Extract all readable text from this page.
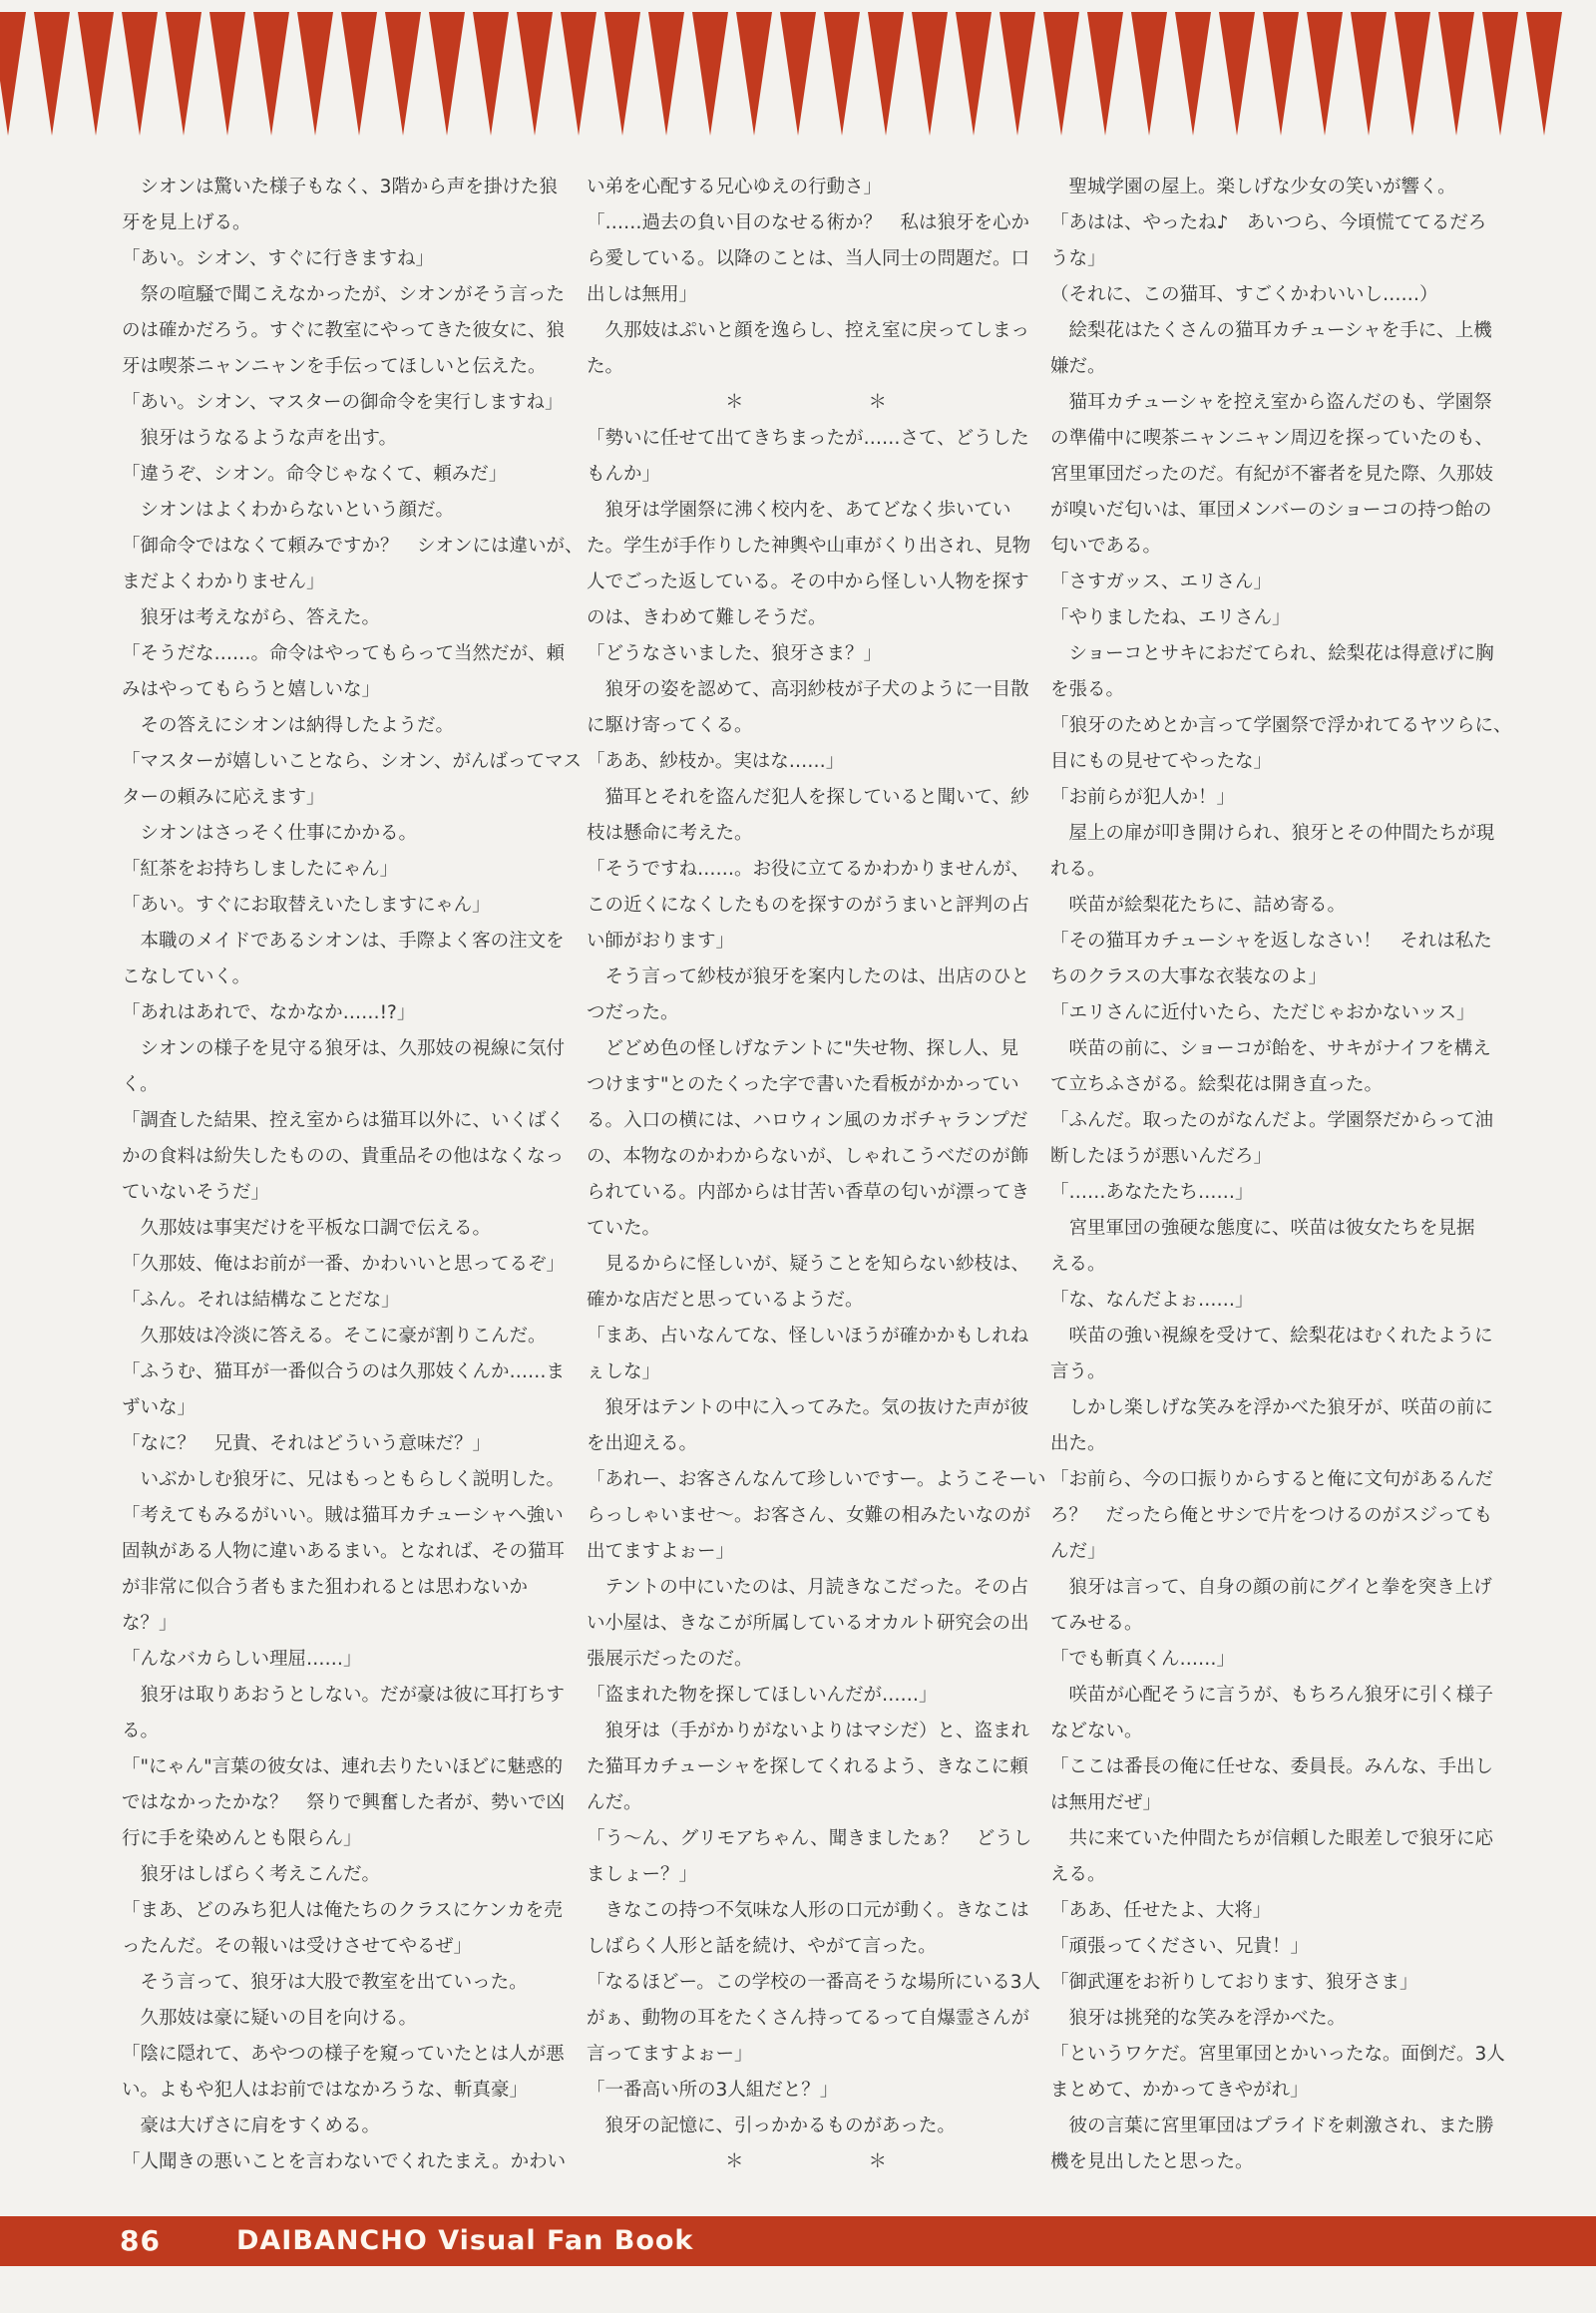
　シオンは驚いた様子もなく、3階から声を掛けた狼
牙を見上げる。
「あい。シオン、すぐに行きますね」
　祭の喧騒で聞こえなかったが、シオンがそう言った
のは確かだろう。すぐに教室にやってきた彼女に、狼
牙は喫茶ニャンニャンを手伝ってほしいと伝えた。
「あい。シオン、マスターの御命令を実行しますね」
　狼牙はうなるような声を出す。
「違うぞ、シオン。命令じゃなくて、頼みだ」
　シオンはよくわからないという顔だ。
「御命令ではなくて頼みですか？　シオンには違いが、
まだよくわかりません」
　狼牙は考えながら、答えた。
「そうだな……。命令はやってもらって当然だが、頼
みはやってもらうと嬉しいな」
　その答えにシオンは納得したようだ。
「マスターが嬉しいことなら、シオン、がんばってマス
ターの頼みに応えます」
　シオンはさっそく仕事にかかる。
「紅茶をお持ちしましたにゃん」
「あい。すぐにお取替えいたしますにゃん」
　本職のメイドであるシオンは、手際よく客の注文を
こなしていく。
「あれはあれで、なかなか……!?」
　シオンの様子を見守る狼牙は、久那妓の視線に気付
く。
「調査した結果、控え室からは猫耳以外に、いくばく
かの食料は紛失したものの、貴重品その他はなくなっ
ていないそうだ」
　久那妓は事実だけを平板な口調で伝える。
「久那妓、俺はお前が一番、かわいいと思ってるぞ」
「ふん。それは結構なことだな」
　久那妓は冷淡に答える。そこに豪が割りこんだ。
「ふうむ、猫耳が一番似合うのは久那妓くんか……ま
ずいな」
「なに？　兄貴、それはどういう意味だ？」
　いぶかしむ狼牙に、兄はもっともらしく説明した。
「考えてもみるがいい。賊は猫耳カチューシャへ強い
固執がある人物に違いあるまい。となれば、その猫耳
が非常に似合う者もまた狙われるとは思わないか
な？」
「んなバカらしい理屈……」
　狼牙は取りあおうとしない。だが豪は彼に耳打ちす
る。
「"にゃん"言葉の彼女は、連れ去りたいほどに魅惑的
ではなかったかな？　祭りで興奮した者が、勢いで凶
行に手を染めんとも限らん」
　狼牙はしばらく考えこんだ。
「まあ、どのみち犯人は俺たちのクラスにケンカを売
ったんだ。その報いは受けさせてやるぜ」
　そう言って、狼牙は大股で教室を出ていった。
　久那妓は豪に疑いの目を向ける。
「陰に隠れて、あやつの様子を窺っていたとは人が悪
い。よもや犯人はお前ではなかろうな、斬真豪」
　豪は大げさに肩をすくめる。
「人聞きの悪いことを言わないでくれたまえ。かわい
い弟を心配する兄心ゆえの行動さ」
「……過去の負い目のなせる術か？　私は狼牙を心か
ら愛している。以降のことは、当人同士の問題だ。口
出しは無用」
　久那妓はぷいと顔を逸らし、控え室に戻ってしまっ
た。
＊　　　　　　＊
「勢いに任せて出てきちまったが……さて、どうした
もんか」
　狼牙は学園祭に沸く校内を、あてどなく歩いてい
た。学生が手作りした神輿や山車がくり出され、見物
人でごった返している。その中から怪しい人物を探す
のは、きわめて難しそうだ。
「どうなさいました、狼牙さま？」
　狼牙の姿を認めて、高羽紗枝が子犬のように一目散
に駆け寄ってくる。
「ああ、紗枝か。実はな……」
　猫耳とそれを盗んだ犯人を探していると聞いて、紗
枝は懸命に考えた。
「そうですね……。お役に立てるかわかりませんが、
この近くになくしたものを探すのがうまいと評判の占
い師がおります」
　そう言って紗枝が狼牙を案内したのは、出店のひと
つだった。
　どどめ色の怪しげなテントに"失せ物、探し人、見
つけます"とのたくった字で書いた看板がかかってい
る。入口の横には、ハロウィン風のカボチャランプだ
の、本物なのかわからないが、しゃれこうべだのが飾
られている。内部からは甘苦い香草の匂いが漂ってき
ていた。
　見るからに怪しいが、疑うことを知らない紗枝は、
確かな店だと思っているようだ。
「まあ、占いなんてな、怪しいほうが確かかもしれね
ぇしな」
　狼牙はテントの中に入ってみた。気の抜けた声が彼
を出迎える。
「あれー、お客さんなんて珍しいですー。ようこそーい
らっしゃいませ〜。お客さん、女難の相みたいなのが
出てますよぉー」
　テントの中にいたのは、月読きなこだった。その占
い小屋は、きなこが所属しているオカルト研究会の出
張展示だったのだ。
「盗まれた物を探してほしいんだが……」
　狼牙は（手がかりがないよりはマシだ）と、盗まれ
た猫耳カチューシャを探してくれるよう、きなこに頼
んだ。
「う〜ん、グリモアちゃん、聞きましたぁ？　どうし
ましょー？」
　きなこの持つ不気味な人形の口元が動く。きなこは
しばらく人形と話を続け、やがて言った。
「なるほどー。この学校の一番高そうな場所にいる3人
がぁ、動物の耳をたくさん持ってるって自爆霊さんが
言ってますよぉー」
「一番高い所の3人組だと？」
　狼牙の記憶に、引っかかるものがあった。
＊　　　　　　＊
　聖城学園の屋上。楽しげな少女の笑いが響く。
「あはは、やったね♪　あいつら、今頃慌ててるだろ
うな」
（それに、この猫耳、すごくかわいいし……）
　絵梨花はたくさんの猫耳カチューシャを手に、上機
嫌だ。
　猫耳カチューシャを控え室から盗んだのも、学園祭
の準備中に喫茶ニャンニャン周辺を探っていたのも、
宮里軍団だったのだ。有紀が不審者を見た際、久那妓
が嗅いだ匂いは、軍団メンバーのショーコの持つ飴の
匂いである。
「さすガッス、エリさん」
「やりましたね、エリさん」
　ショーコとサキにおだてられ、絵梨花は得意げに胸
を張る。
「狼牙のためとか言って学園祭で浮かれてるヤツらに、
目にもの見せてやったな」
「お前らが犯人か！」
　屋上の扉が叩き開けられ、狼牙とその仲間たちが現
れる。
　咲苗が絵梨花たちに、詰め寄る。
「その猫耳カチューシャを返しなさい！　それは私た
ちのクラスの大事な衣装なのよ」
「エリさんに近付いたら、ただじゃおかないッス」
　咲苗の前に、ショーコが飴を、サキがナイフを構え
て立ちふさがる。絵梨花は開き直った。
「ふんだ。取ったのがなんだよ。学園祭だからって油
断したほうが悪いんだろ」
「……あなたたち……」
　宮里軍団の強硬な態度に、咲苗は彼女たちを見据
える。
「な、なんだよぉ……」
　咲苗の強い視線を受けて、絵梨花はむくれたように
言う。
　しかし楽しげな笑みを浮かべた狼牙が、咲苗の前に
出た。
「お前ら、今の口振りからすると俺に文句があるんだ
ろ？　だったら俺とサシで片をつけるのがスジっても
んだ」
　狼牙は言って、自身の顔の前にグイと拳を突き上げ
てみせる。
「でも斬真くん……」
　咲苗が心配そうに言うが、もちろん狼牙に引く様子
などない。
「ここは番長の俺に任せな、委員長。みんな、手出し
は無用だぜ」
　共に来ていた仲間たちが信頼した眼差しで狼牙に応
える。
「ああ、任せたよ、大将」
「頑張ってください、兄貴！」
「御武運をお祈りしております、狼牙さま」
　狼牙は挑発的な笑みを浮かべた。
「というワケだ。宮里軍団とかいったな。面倒だ。3人
まとめて、かかってきやがれ」
　彼の言葉に宮里軍団はプライドを刺激され、また勝
機を見出したと思った。
86	DAIBANCHO Visual Fan Book
